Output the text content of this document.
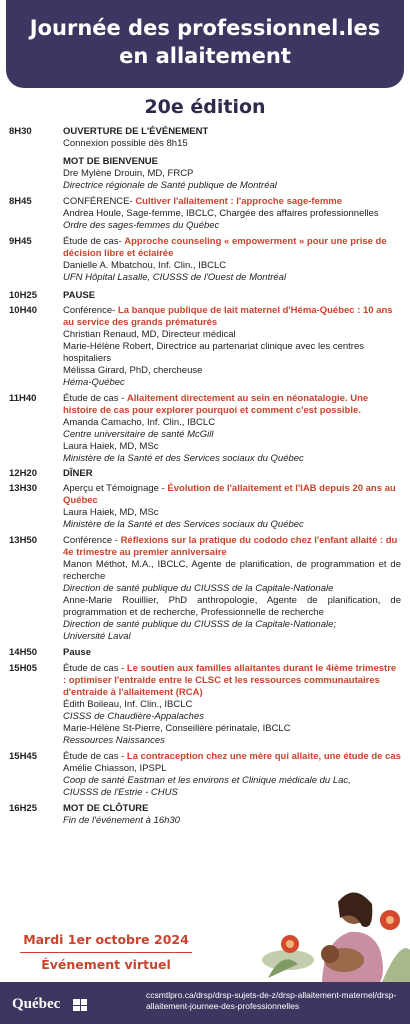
Journée des professionnel.les
en allaitement
20e édition
8H30	OUVERTURE DE L'ÉVÉNEMENT

Connexion possible dès 8h15

MOT DE BIENVENUE

Dre Mylène Drouin, MD, FRCP

Directrice régionale de Santé publique de Montréal

8H45	CONFÉRENCE- Cultiver l'allaitement : l'approche sage-femme

Andrea Houle, Sage-femme, IBCLC, Chargée des affaires professionnelles

Ordre des sages-femmes du Québec

9H45	Étude de cas- Approche counseling « empowerment » pour une prise de décision libre et éclairée

Danielle A. Mbatchou, Inf. Clin., IBCLC

UFN Hôpital Lasalle, CIUSSS de l'Ouest de Montréal

10H25	PAUSE

10H40	Conférence- La banque publique de lait maternel d'Héma-Québec : 10 ans au service des grands prématurés

Christian Renaud, MD, Directeur médical

Marie-Hélène Robert, Directrice au partenariat clinique avec les centres hospitaliers

Mélissa Girard, PhD, chercheuse

Héma-Québec

11H40	Étude de cas - Allaitement directement au sein en néonatalogie. Une histoire de cas pour explorer pourquoi et comment c'est possible.

Amanda Camacho, Inf. Clin., IBCLC

Centre universitaire de santé McGill

Laura Haiek, MD, MSc

Ministère de la Santé et des Services sociaux du Québec

12H20	DÎNER

13H30	Aperçu et Témoignage - Évolution de l'allaitement et l'IAB depuis 20 ans au Québec

Laura Haiek, MD, MSc

Ministère de la Santé et des Services sociaux du Québec

13H50	Conférence - Réflexions sur la pratique du cododo chez l'enfant allaité : du 4e trimestre au premier anniversaire

Manon Méthot, M.A., IBCLC, Agente de planification, de programmation et de recherche

Direction de santé publique du CIUSSS de la Capitale-Nationale

Anne-Marie Rouillier, PhD anthropologie, Agente de planification, de programmation et de recherche, Professionnelle de recherche

Direction de santé publique du CIUSSS de la Capitale-Nationale;

Université Laval

14H50	Pause

15H05	Étude de cas - Le soutien aux familles allaitantes durant le 4ième trimestre : optimiser l'entraide entre le CLSC et les ressources communautaires d'entraide à l'allaitement (RCA)

Édith Boileau, Inf. Clin., IBCLC

CISSS de Chaudière-Appalaches

Marie-Hélène St-Pierre, Conseillère périnatale, IBCLC

Ressources Naissances

15H45	Étude de cas - La contraception chez une mère qui allaite, une étude de cas

Amélie Chiasson, IPSPL

Coop de santé Eastman et les environs et Clinique médicale du Lac,

CIUSSS de l'Estrie - CHUS

16H25	MOT DE CLÔTURE

Fin de l'événement à 16h30

Mardi 1er octobre 2024
Événement virtuel
Québec
ccsmtlpro.ca/drsp/drsp-sujets-de-z/drsp-allaitement-maternel/drsp-allaitement-journee-des-professionnelles
